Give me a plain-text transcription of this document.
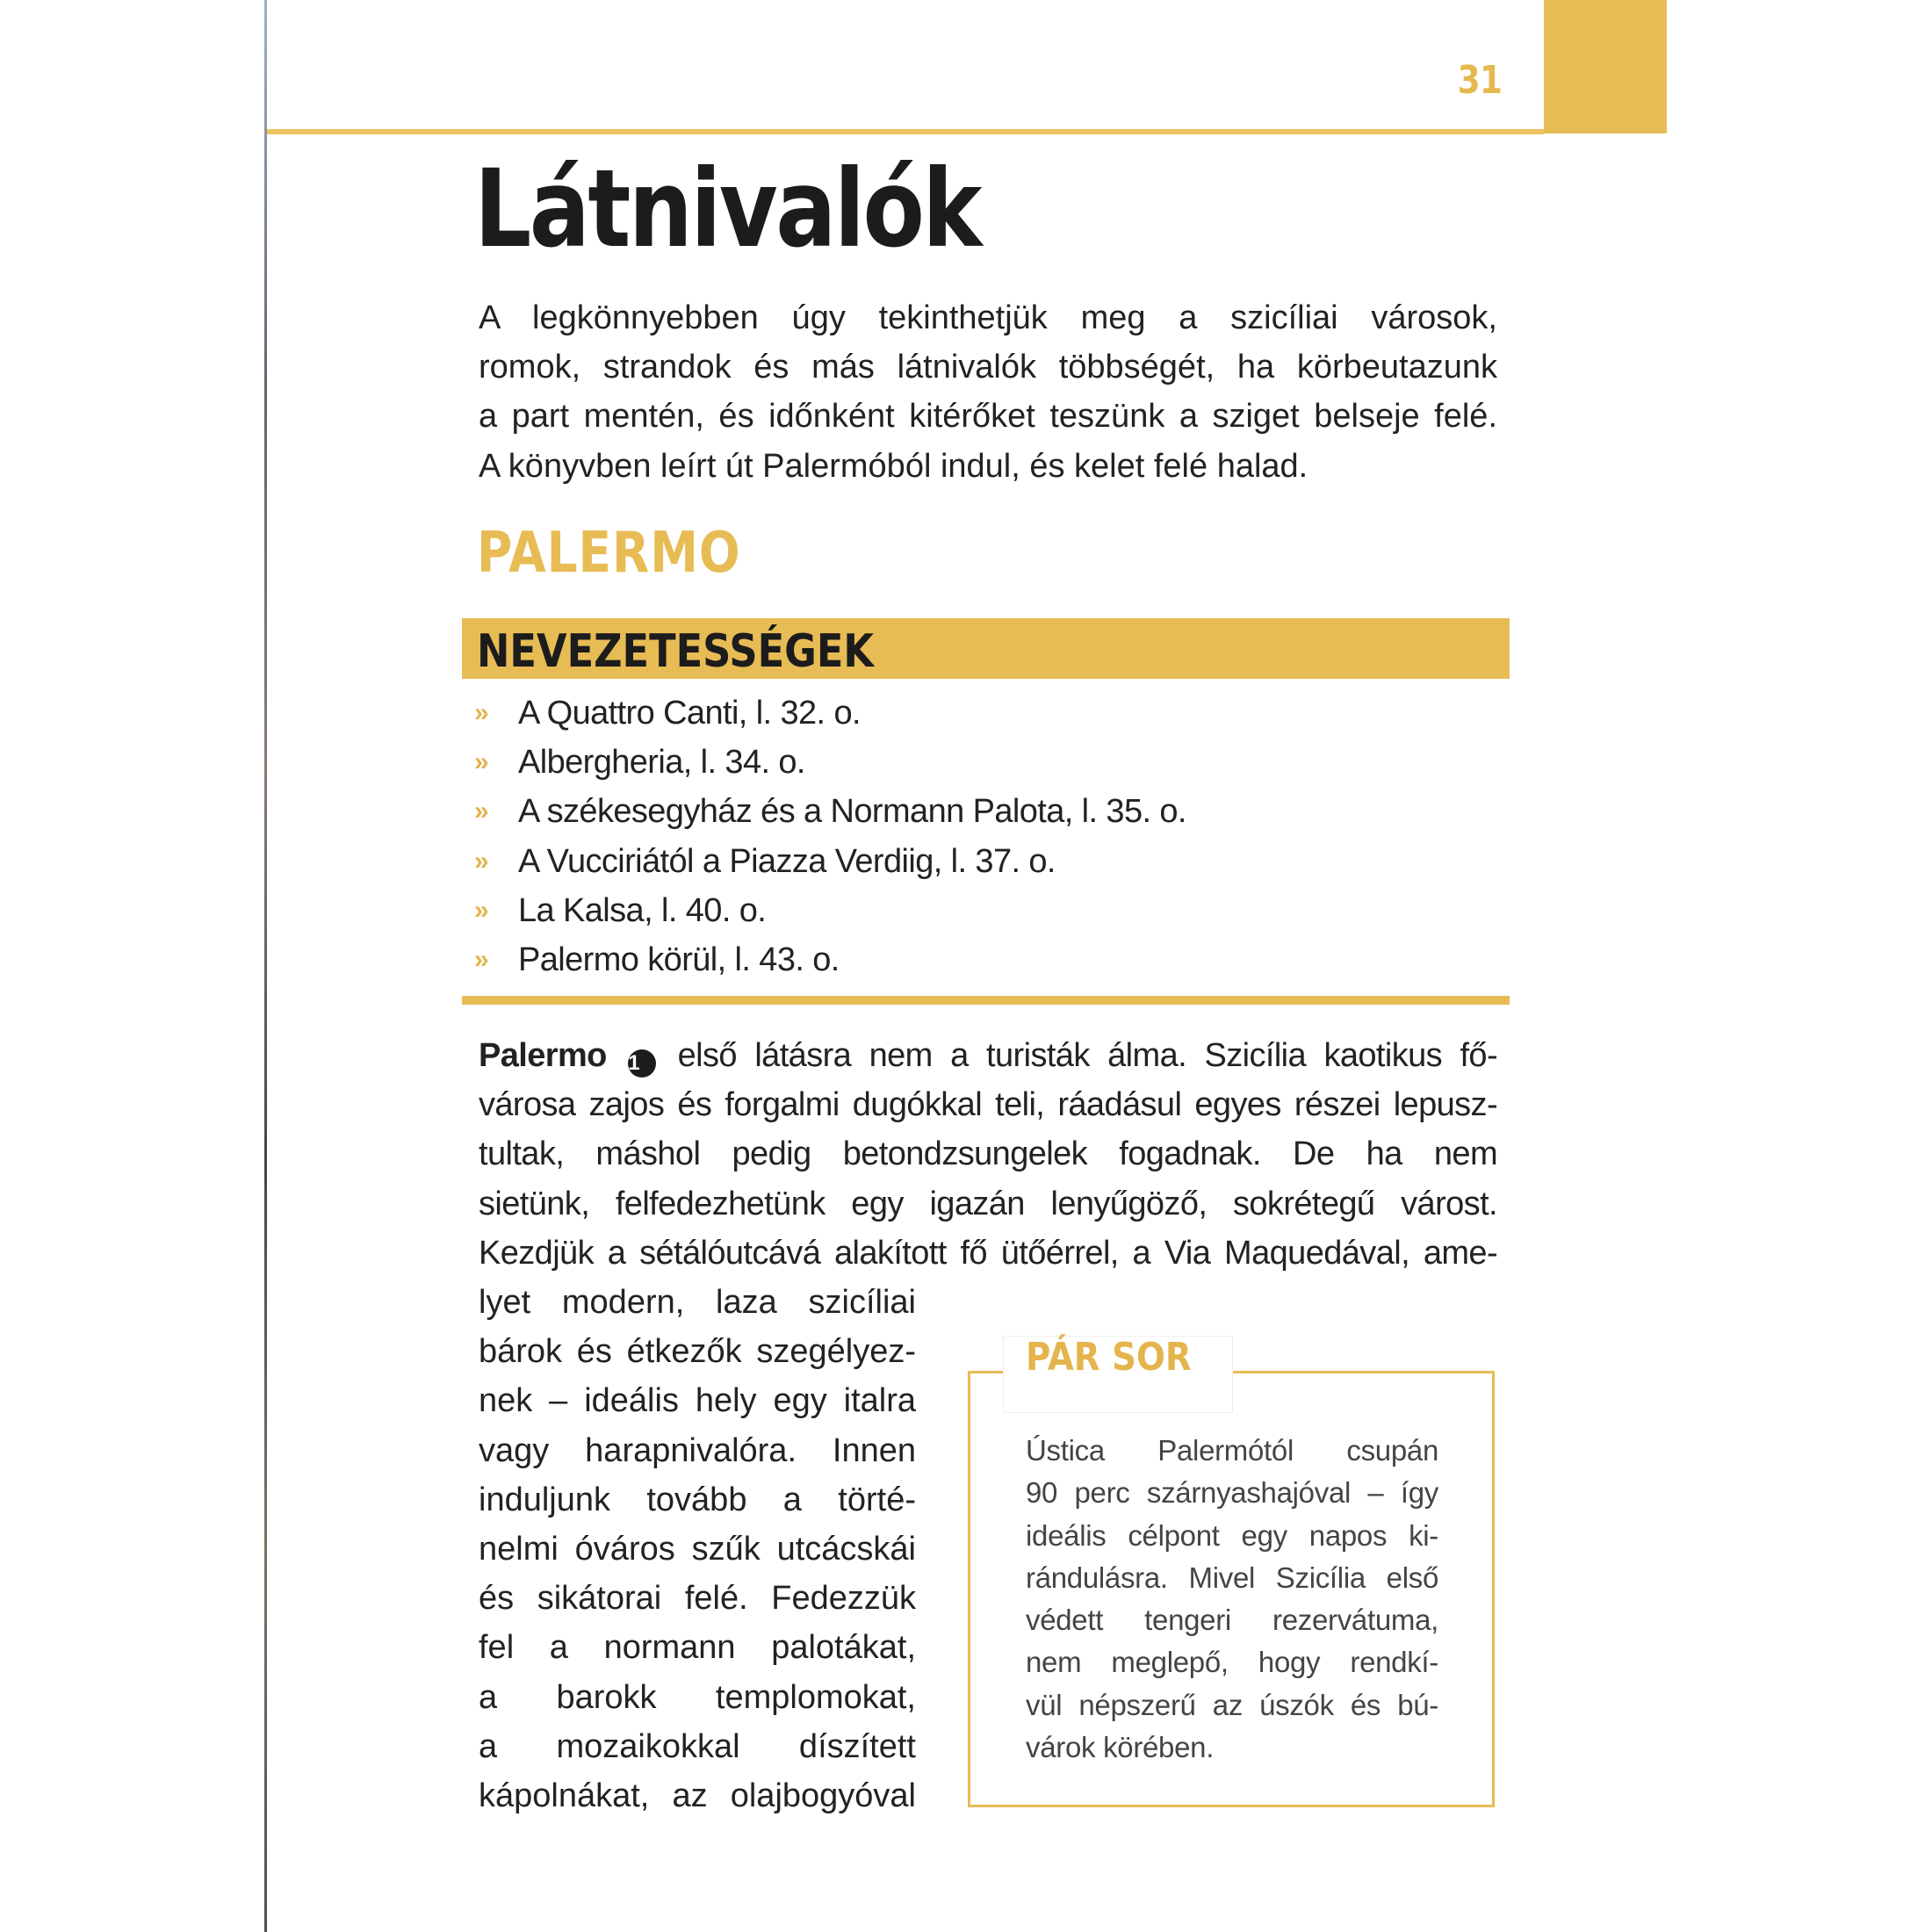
31
Látnivalók
A legkönnyebben úgy tekinthetjük meg a szicíliai városok,
romok, strandok és más látnivalók többségét, ha körbeutazunk
a part mentén, és időnként kitérőket teszünk a sziget belseje felé.
A könyvben leírt út Palermóból indul, és kelet felé halad.
PALERMO
NEVEZETESSÉGEK
» A Quattro Canti, l. 32. o.
» Albergheria, l. 34. o.
» A székesegyház és a Normann Palota, l. 35. o.
» A Vucciriától a Piazza Verdiig, l. 37. o.
» La Kalsa, l. 40. o.
» Palermo körül, l. 43. o.
Palermo 1 első látásra nem a turisták álma. Szicília kaotikus fő-
városa zajos és forgalmi dugókkal teli, ráadásul egyes részei lepusz-
tultak, máshol pedig betondzsungelek fogadnak. De ha nem
sietünk, felfedezhetünk egy igazán lenyűgöző, sokrétegű várost.
Kezdjük a sétálóutcává alakított fő ütőérrel, a Via Maquedával, ame-
lyet modern, laza szicíliai
bárok és étkezők szegélyez-
nek – ideális hely egy italra
vagy harapnivalóra. Innen
induljunk tovább a törté-
nelmi óváros szűk utcácskái
és sikátorai felé. Fedezzük
fel a normann palotákat,
a barokk templomokat,
a mozaikokkal díszített
kápolnákat, az olajbogyóval
PÁR SOR
Ústica Palermótól csupán
90 perc szárnyashajóval – így
ideális célpont egy napos ki-
rándulásra. Mivel Szicília első
védett tengeri rezervátuma,
nem meglepő, hogy rendkí-
vül népszerű az úszók és bú-
várok körében.
